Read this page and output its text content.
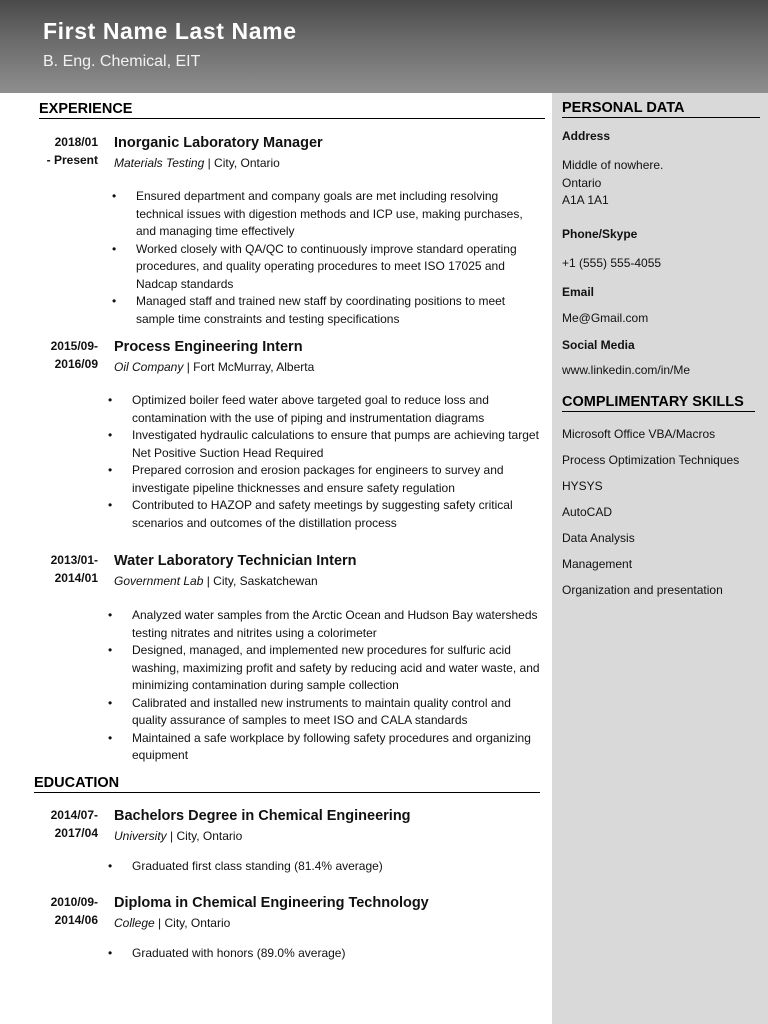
First Name Last Name
B. Eng. Chemical, EIT
EXPERIENCE
2018/01
- Present
Inorganic Laboratory Manager
Materials Testing | City, Ontario
• Ensured department and company goals are met including resolving technical issues with digestion methods and ICP use, making purchases, and managing time effectively
• Worked closely with QA/QC to continuously improve standard operating procedures, and quality operating procedures to meet ISO 17025 and Nadcap standards
• Managed staff and trained new staff by coordinating positions to meet sample time constraints and testing specifications
2015/09-
2016/09
Process Engineering Intern
Oil Company | Fort McMurray, Alberta
• Optimized boiler feed water above targeted goal to reduce loss and contamination with the use of piping and instrumentation diagrams
• Investigated hydraulic calculations to ensure that pumps are achieving target Net Positive Suction Head Required
• Prepared corrosion and erosion packages for engineers to survey and investigate pipeline thicknesses and ensure safety regulation
• Contributed to HAZOP and safety meetings by suggesting safety critical scenarios and outcomes of the distillation process
2013/01-
2014/01
Water Laboratory Technician Intern
Government Lab | City, Saskatchewan
• Analyzed water samples from the Arctic Ocean and Hudson Bay watersheds testing nitrates and nitrites using a colorimeter
• Designed, managed, and implemented new procedures for sulfuric acid washing, maximizing profit and safety by reducing acid and water waste, and minimizing contamination during sample collection
• Calibrated and installed new instruments to maintain quality control and quality assurance of samples to meet ISO and CALA standards
• Maintained a safe workplace by following safety procedures and organizing equipment
EDUCATION
2014/07-
2017/04
Bachelors Degree in Chemical Engineering
University | City, Ontario
• Graduated first class standing (81.4% average)
2010/09-
2014/06
Diploma in Chemical Engineering Technology
College | City, Ontario
• Graduated with honors (89.0% average)
PERSONAL DATA
Address
Middle of nowhere.
Ontario
A1A 1A1
Phone/Skype
+1 (555) 555-4055
Email
Me@Gmail.com
Social Media
www.linkedin.com/in/Me
COMPLIMENTARY SKILLS
Microsoft Office VBA/Macros
Process Optimization Techniques
HYSYS
AutoCAD
Data Analysis
Management
Organization and presentation
